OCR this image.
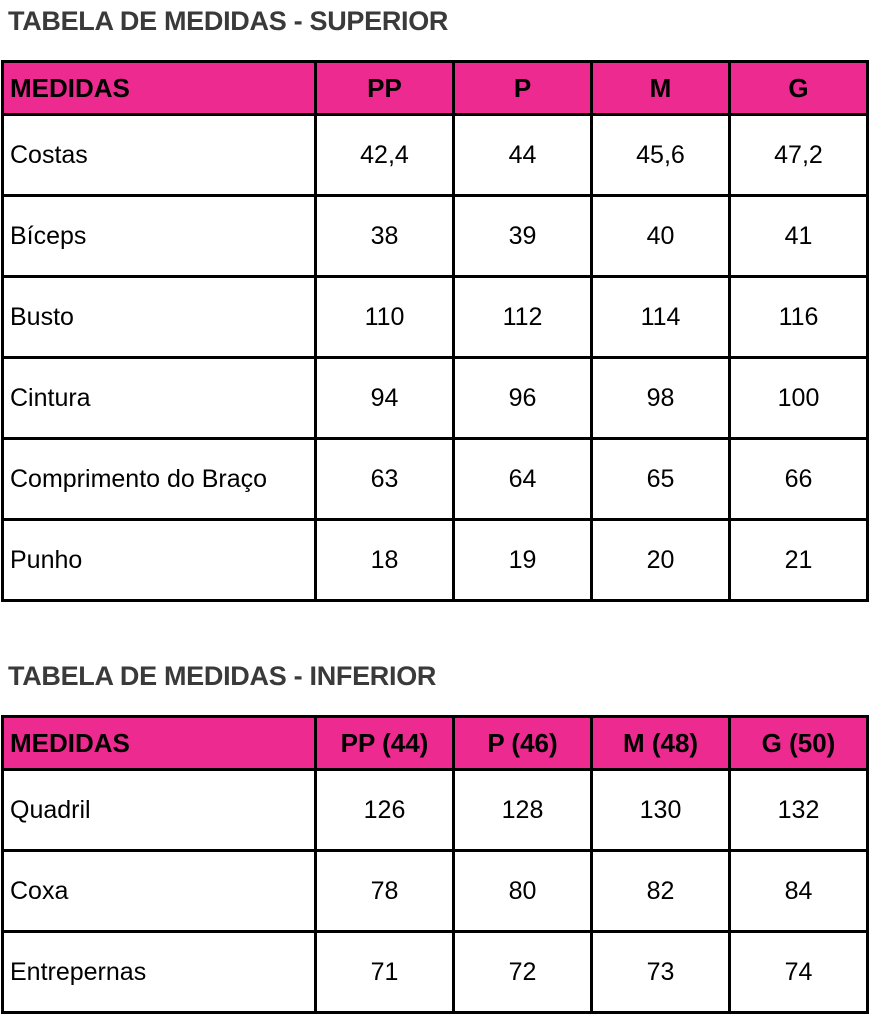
TABELA DE MEDIDAS - SUPERIOR
MEDIDAS	PP	P	M	G
Costas	42,4	44	45,6	47,2
Bíceps	38	39	40	41
Busto	110	112	114	116
Cintura	94	96	98	100
Comprimento do Braço	63	64	65	66
Punho	18	19	20	21
TABELA DE MEDIDAS - INFERIOR
MEDIDAS	PP (44)	P (46)	M (48)	G (50)
Quadril	126	128	130	132
Coxa	78	80	82	84
Entrepernas	71	72	73	74
